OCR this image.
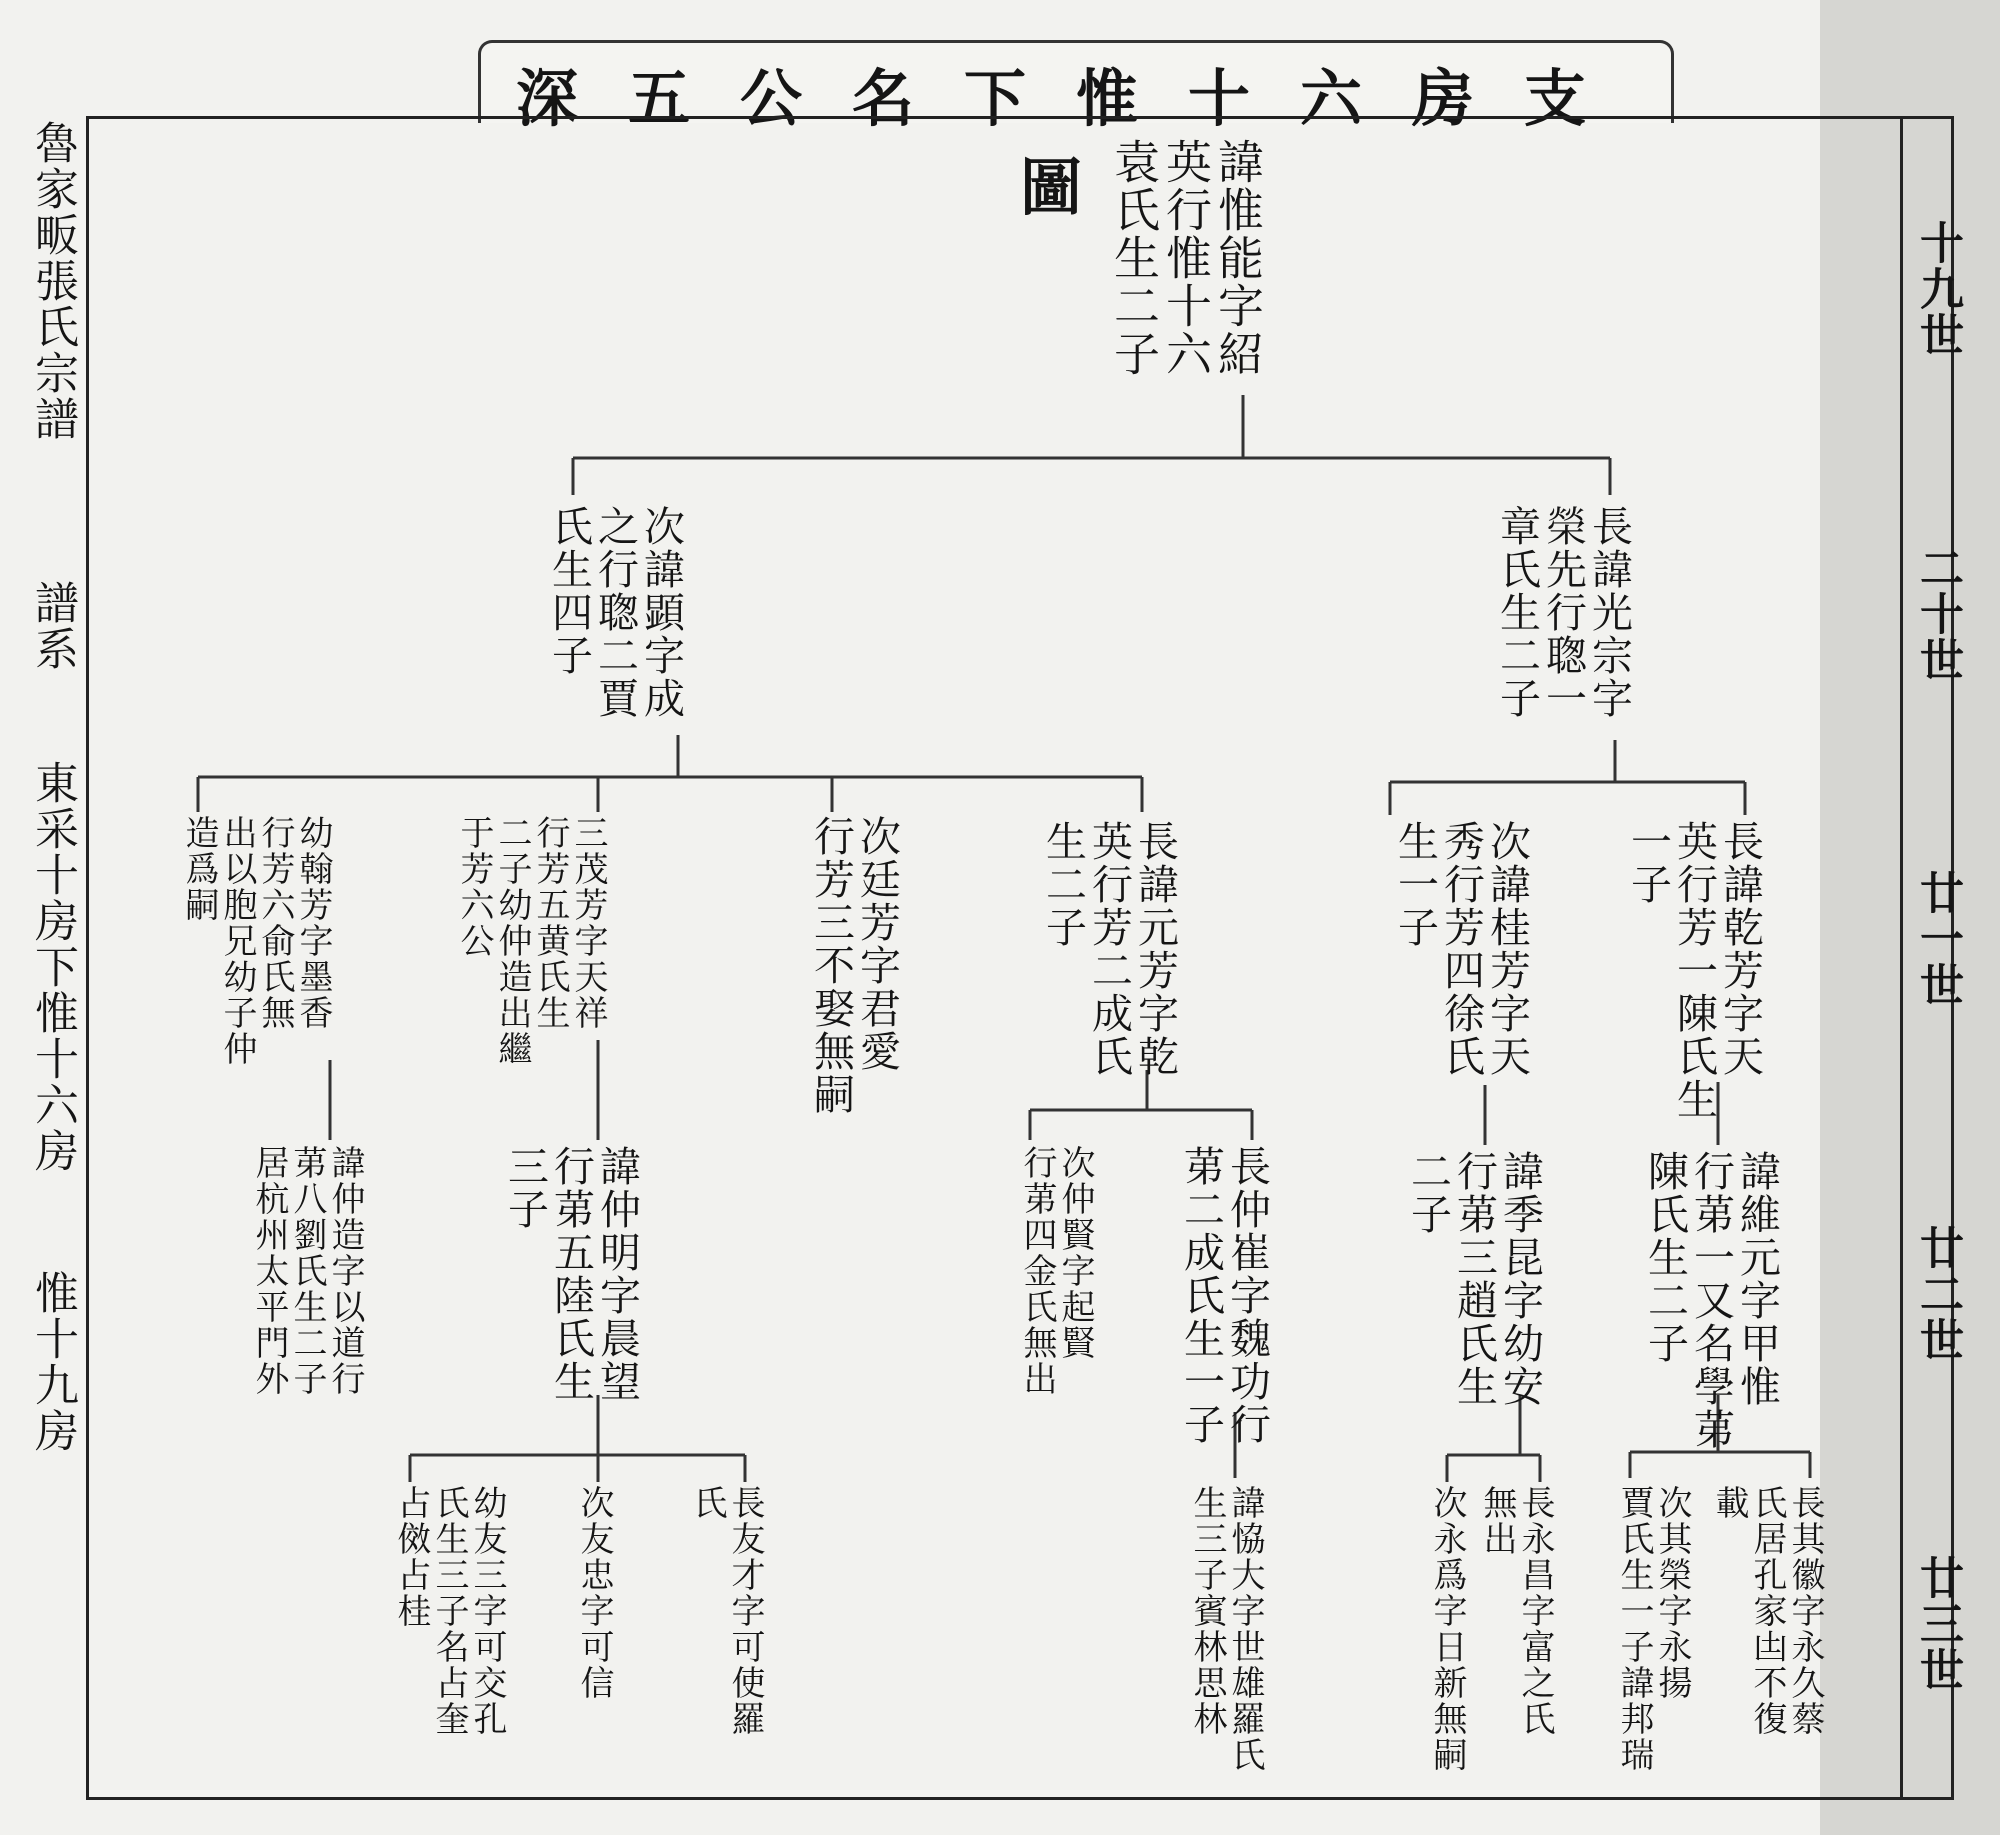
深五公名下惟十六房支圖
魯家畈張氏宗譜
譜系
東采十房下惟十六房
惟十九房
十九世
二十世
廿一世
廿二世
廿三世
諱惟能字紹
英行惟十六
袁氏生二子
長諱光宗字
榮先行聦一
章氏生二子
次諱顕字成
之行聦二賈
氏生四子
長諱乾芳字天
英行芳一陳氏生
一子
次諱桂芳字天
秀行芳四徐氏
生一子
長諱元芳字乾
英行芳二成氏
生二子
次廷芳字君愛
行芳三不娶無嗣
三茂芳字天祥
行芳五黄氏生
二子幼仲造出繼
于芳六公
幼翰芳字墨香
行芳六俞氏無
出以胞兄幼子仲
造爲嗣
諱維元字甲惟
行苐一又名學苐
陳氏生二子
諱季昆字幼安
行苐三趙氏生
二子
長仲崔字魏功行
苐二成氏生一子
次仲賢字起賢
行苐四金氏無出
諱仲明字晨望
行苐五陸氏生
三子
諱仲造字以道行
苐八劉氏生二子
居杭州太平門外
長其徽字永久蔡
氏居孔家凷不復
載
次其榮字永揚
賈氏生一子諱邦瑞
長永昌字富之氏
無出
次永爲字日新無嗣
諱恊大字世雄羅氏
生三子賓林思林
長友才字可使羅
氏
次友忠字可信
幼友三字可交孔
氏生三子名占奎
占傚占桂
